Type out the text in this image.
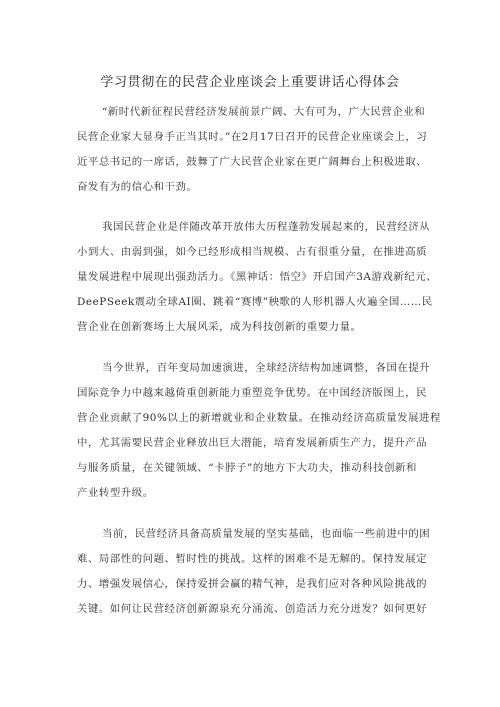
学习贯彻在的民营企业座谈会上重要讲话心得体会
“新时代新征程民营经济发展前景广阔、大有可为，广大民营企业和
民营企业家大显身手正当其时。”在2月17日召开的民营企业座谈会上，习
近平总书记的一席话，鼓舞了广大民营企业家在更广阔舞台上积极进取、
奋发有为的信心和干劲。
我国民营企业是伴随改革开放伟大历程蓬勃发展起来的，民营经济从
小到大、由弱到强，如今已经形成相当规模、占有很重分量，在推进高质
量发展进程中展现出强劲活力。《黑神话：悟空》开启国产3A游戏新纪元、
DeePSeek震动全球AI圈、跳着“赛博”秧歌的人形机器人火遍全国……民
营企业在创新赛场上大展风采，成为科技创新的重要力量。
当今世界，百年变局加速演进，全球经济结构加速调整，各国在提升
国际竞争力中越来越倚重创新能力重塑竞争优势。在中国经济版图上，民
营企业贡献了90%以上的新增就业和企业数量。在推动经济高质量发展进程
中，尤其需要民营企业释放出巨大潜能，培育发展新质生产力，提升产品
与服务质量，在关键领域、“卡脖子”的地方下大功夫，推动科技创新和
产业转型升级。
当前，民营经济具备高质量发展的坚实基础，也面临一些前进中的困
难、局部性的问题、暂时性的挑战。这样的困难不是无解的。保持发展定
力、增强发展信心，保持爱拼会赢的精气神，是我们应对各种风险挑战的
关键。如何让民营经济创新源泉充分涌流、创造活力充分迸发？如何更好
